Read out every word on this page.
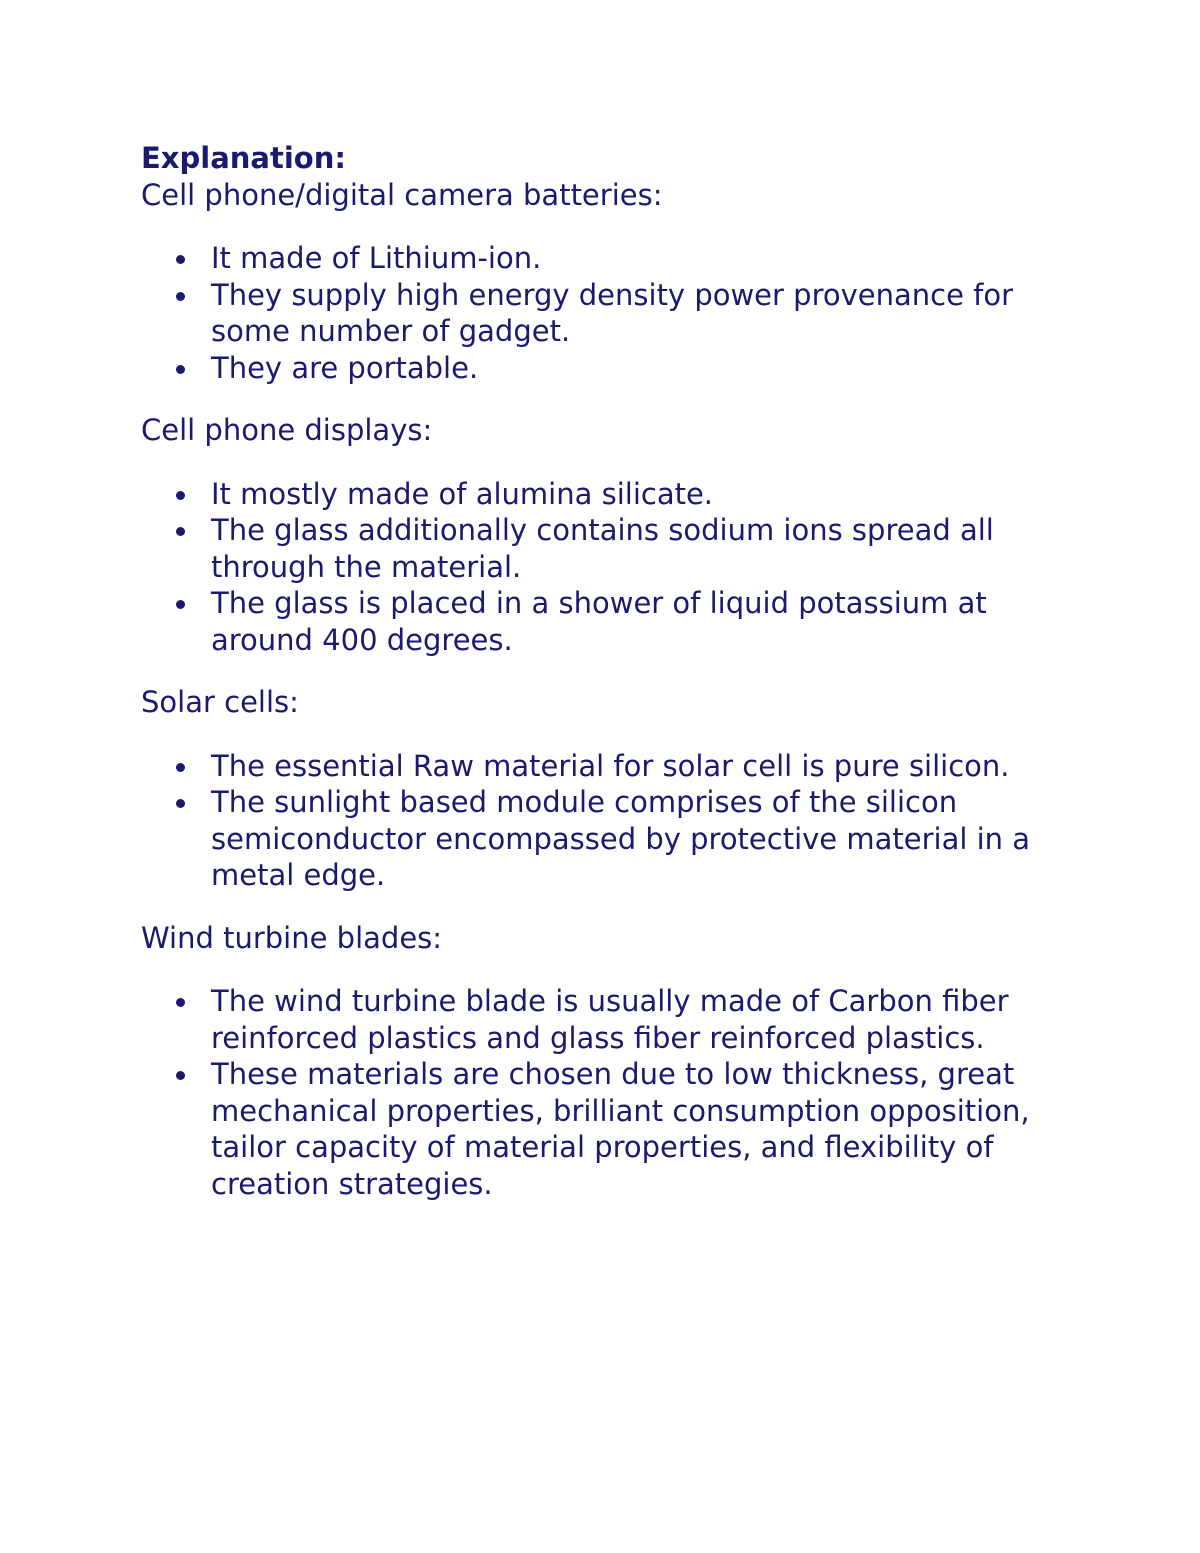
Explanation:
Cell phone/digital camera batteries:
It made of Lithium-ion.
They supply high energy density power provenance for some number of gadget.
They are portable.
Cell phone displays:
It mostly made of alumina silicate.
The glass additionally contains sodium ions spread all through the material.
The glass is placed in a shower of liquid potassium at around 400 degrees.
Solar cells:
The essential Raw material for solar cell is pure silicon.
The sunlight based module comprises of the silicon semiconductor encompassed by protective material in a metal edge.
Wind turbine blades:
The wind turbine blade is usually made of Carbon fiber reinforced plastics and glass fiber reinforced plastics.
These materials are chosen due to low thickness, great mechanical properties, brilliant consumption opposition, tailor capacity of material properties, and flexibility of creation strategies.
